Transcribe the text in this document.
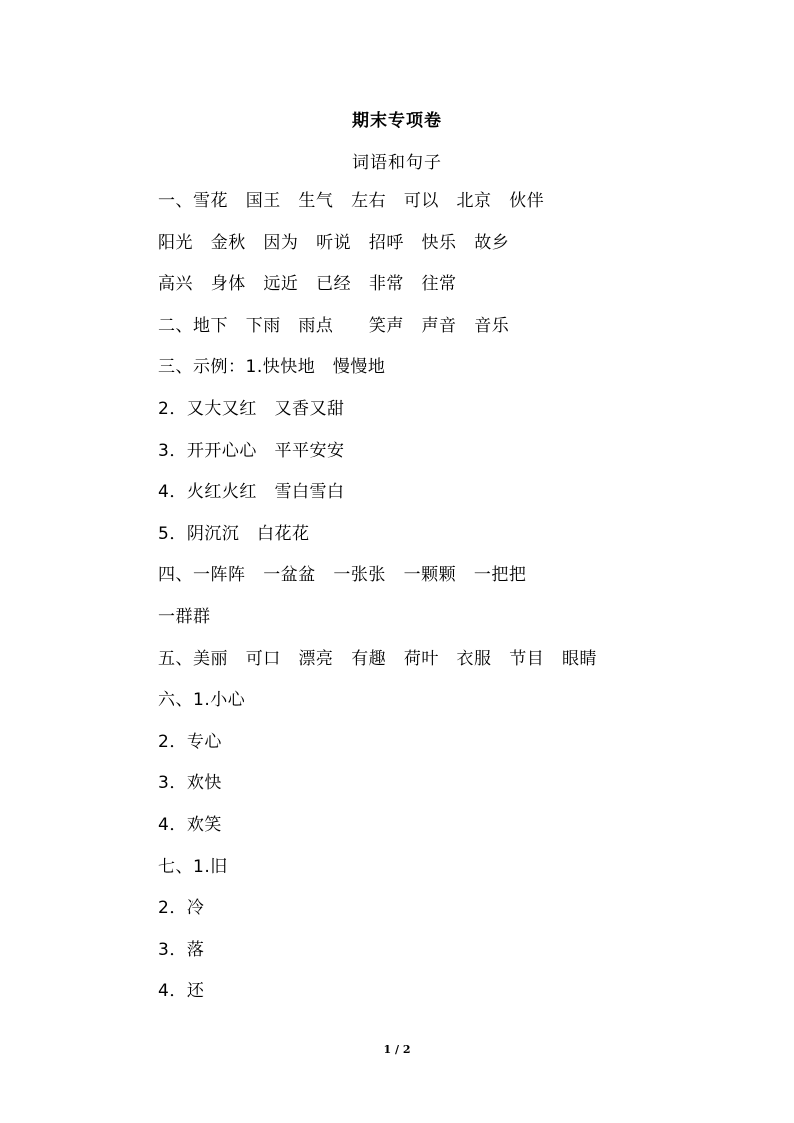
期末专项卷
词语和句子
一、雪花   国王   生气   左右   可以   北京   伙伴
阳光   金秋   因为   听说   招呼   快乐   故乡
高兴   身体   远近   已经   非常   往常
二、地下   下雨   雨点      笑声   声音   音乐
三、示例：1.快快地   慢慢地
2．又大又红   又香又甜
3．开开心心   平平安安
4．火红火红   雪白雪白
5．阴沉沉   白花花
四、一阵阵   一盆盆   一张张   一颗颗   一把把
一群群
五、美丽   可口   漂亮   有趣   荷叶   衣服   节目   眼睛
六、1.小心
2．专心
3．欢快
4．欢笑
七、1.旧
2．冷
3．落
4．还
1 / 2
